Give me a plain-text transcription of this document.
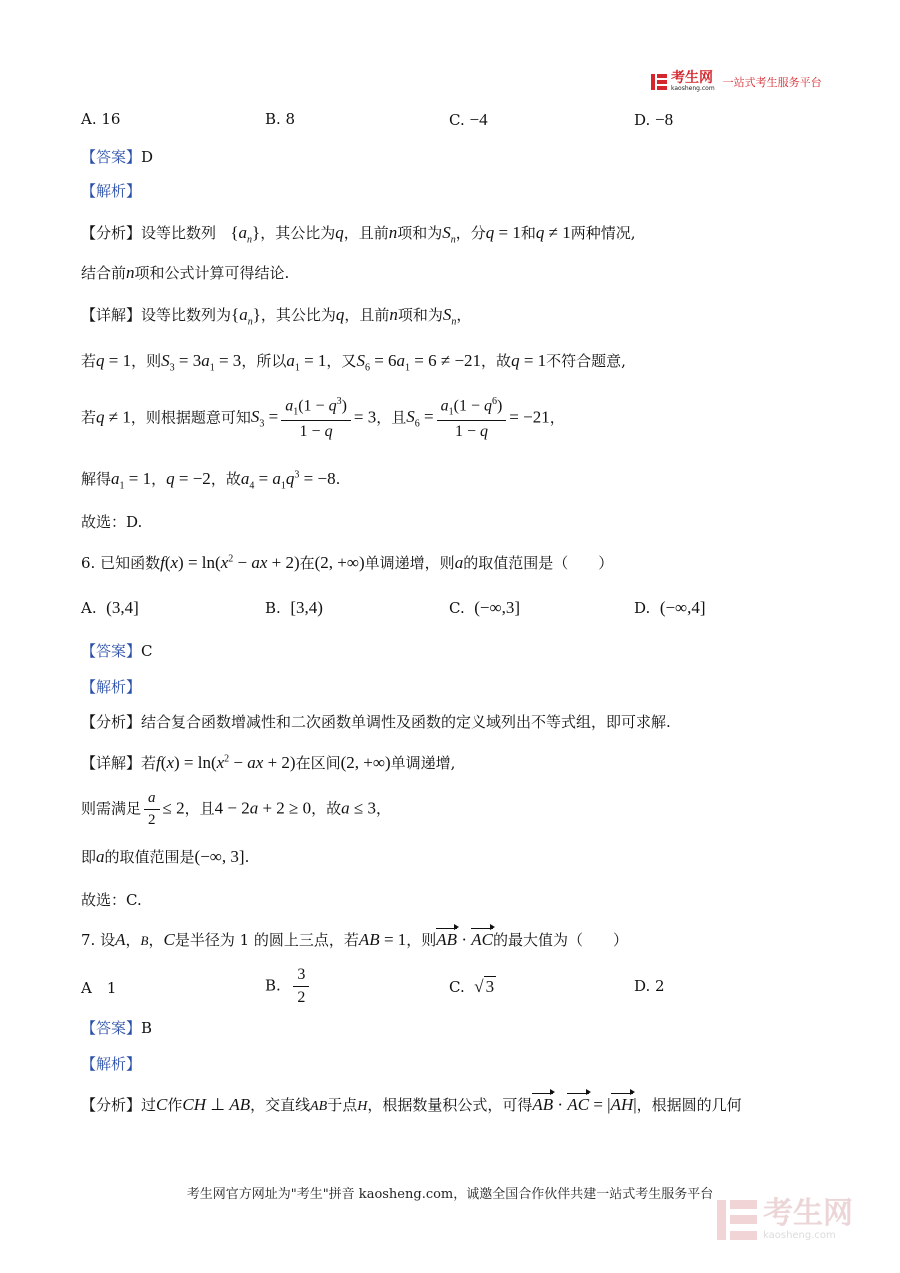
考生网
kaosheng.com 一站式考生服务平台
A. 16	B. 8	C. −4	D. −8
【答案】D
【解析】
【分析】设等比数列 $\{a_n\}$，其公比为q，且前n项和为$S_n$，分q = 1和q ≠ 1两种情况,
结合前n项和公式计算可得结论.
【详解】设等比数列为$\{a_n\}$，其公比为q，且前n项和为$S_n$，
若q = 1，则$S_3 = 3a_1 = 3$，所以$a_1 = 1$，又$S_6 = 6a_1 = 6 \ne -21$，故q = 1不符合题意,
若q ≠ 1，则根据题意可知$S_3 = \frac{a_1(1 - q^3)}{1 - q} = 3$，且$S_6 = \frac{a_1(1 - q^6)}{1 - q} = -21$，
解得$a_1 = 1$，q = −2，故$a_4 = a_1q^3 = -8$.
故选：D.
6. 已知函数$f(x) = \ln(x^2$ − ax + 2)在(2, +∞)单调递增，则a的取值范围是（　　）
A. (3,4]	B. [3,4)	C. (−∞,3]	D. (−∞,4]
【答案】C
【解析】
【分析】结合复合函数增减性和二次函数单调性及函数的定义域列出不等式组，即可求解.
【详解】若$f(x) = \ln(x^2$ − ax + 2)在区间(2, +∞)单调递增,
则需满足 $\frac{a}{2} \le 2$，且4 − 2a + 2 ≥ 0，故a ≤ 3，
即a的取值范围是(−∞, 3].
故选：C.
7. 设A，B，C是半径为 1 的圆上三点，若AB = 1，则AB · AC的最大值为（　　）
A　1	B. $\frac{3}{2}$	C. √ 3	D. 2
【答案】B
【解析】
【分析】过C作CH ⊥ AB，交直线AB于点H，根据数量积公式，可得AB · AC = |AH|，根据圆的几何
考生网官方网址为"考生"拼音 kaosheng.com，诚邀全国合作伙伴共建一站式考生服务平台
考生网
kaosheng.com
